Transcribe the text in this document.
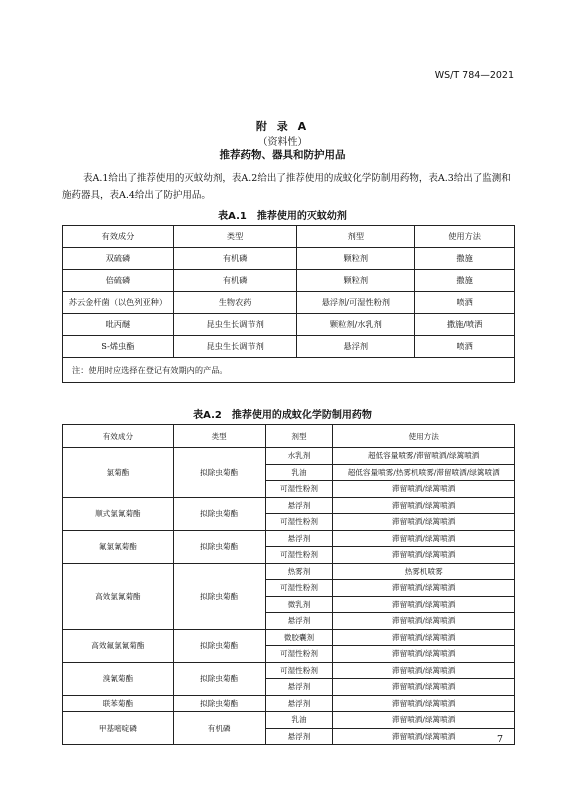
WS/T 784—2021
附 录 A
（资料性）
推荐药物、器具和防护用品
表A.1给出了推荐使用的灭蚊幼剂，表A.2给出了推荐使用的成蚊化学防制用药物，表A.3给出了监测和施药器具，表A.4给出了防护用品。
表A.1　推荐使用的灭蚊幼剂
有效成分	类型	剂型	使用方法
双硫磷	有机磷	颗粒剂	撒施
倍硫磷	有机磷	颗粒剂	撒施
苏云金杆菌（以色列亚种）	生物农药	悬浮剂/可湿性粉剂	喷洒
吡丙醚	昆虫生长调节剂	颗粒剂/水乳剂	撒施/喷洒
S-烯虫酯	昆虫生长调节剂	悬浮剂	喷洒
注：使用时应选择在登记有效期内的产品。			
表A.2　推荐使用的成蚊化学防制用药物
有效成分	类型	剂型	使用方法
氯菊酯	拟除虫菊酯	水乳剂	超低容量喷雾/滞留喷洒/绿篱喷洒
		乳油	超低容量喷雾/热雾机喷雾/滞留喷洒/绿篱喷洒
		可湿性粉剂	滞留喷洒/绿篱喷洒
顺式氯氰菊酯	拟除虫菊酯	悬浮剂	滞留喷洒/绿篱喷洒
		可湿性粉剂	滞留喷洒/绿篱喷洒
氟氯氰菊酯	拟除虫菊酯	悬浮剂	滞留喷洒/绿篱喷洒
		可湿性粉剂	滞留喷洒/绿篱喷洒
高效氯氰菊酯	拟除虫菊酯	热雾剂	热雾机喷雾
		可湿性粉剂	滞留喷洒/绿篱喷洒
		微乳剂	滞留喷洒/绿篱喷洒
		悬浮剂	滞留喷洒/绿篱喷洒
高效氟氯氰菊酯	拟除虫菊酯	微胶囊剂	滞留喷洒/绿篱喷洒
		可湿性粉剂	滞留喷洒/绿篱喷洒
溴氰菊酯	拟除虫菊酯	可湿性粉剂	滞留喷洒/绿篱喷洒
		悬浮剂	滞留喷洒/绿篱喷洒
联苯菊酯	拟除虫菊酯	悬浮剂	滞留喷洒/绿篱喷洒
甲基嘧啶磷	有机磷	乳油	滞留喷洒/绿篱喷洒
		悬浮剂	滞留喷洒/绿篱喷洒	7
